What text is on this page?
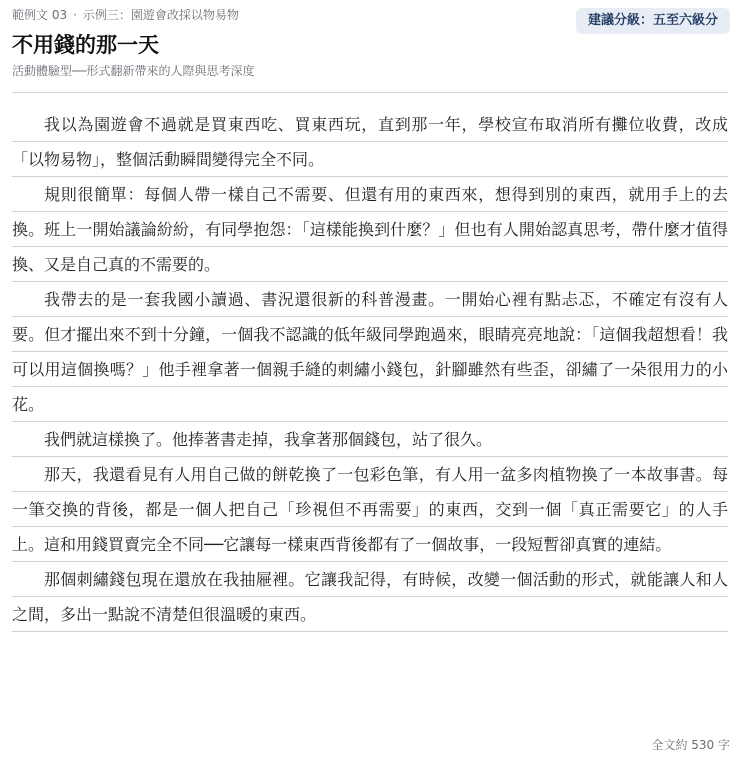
範例文 03 · 示例三：園遊會改採以物易物	建議分級：五至六級分
不用錢的那一天
活動體驗型──形式翻新帶來的人際與思考深度

我以為園遊會不過就是買東西吃、買東西玩，直到那一年，學校宣布取消所有攤位收費，改成「以物易物」，整個活動瞬間變得完全不同。

規則很簡單：每個人帶一樣自己不需要、但還有用的東西來，想得到別的東西，就用手上的去換。班上一開始議論紛紛，有同學抱怨：「這樣能換到什麼？」但也有人開始認真思考，帶什麼才值得換、又是自己真的不需要的。

我帶去的是一套我國小讀過、書況還很新的科普漫畫。一開始心裡有點忐忑，不確定有沒有人要。但才擺出來不到十分鐘，一個我不認識的低年級同學跑過來，眼睛亮亮地說：「這個我超想看！我可以用這個換嗎？」他手裡拿著一個親手縫的刺繡小錢包，針腳雖然有些歪，卻繡了一朵很用力的小花。

我們就這樣換了。他捧著書走掉，我拿著那個錢包，站了很久。

那天，我還看見有人用自己做的餅乾換了一包彩色筆，有人用一盆多肉植物換了一本故事書。每一筆交換的背後，都是一個人把自己「珍視但不再需要」的東西，交到一個「真正需要它」的人手上。這和用錢買賣完全不同──它讓每一樣東西背後都有了一個故事，一段短暫卻真實的連結。

那個刺繡錢包現在還放在我抽屜裡。它讓我記得，有時候，改變一個活動的形式，就能讓人和人之間，多出一點說不清楚但很溫暖的東西。

全文約 530 字
